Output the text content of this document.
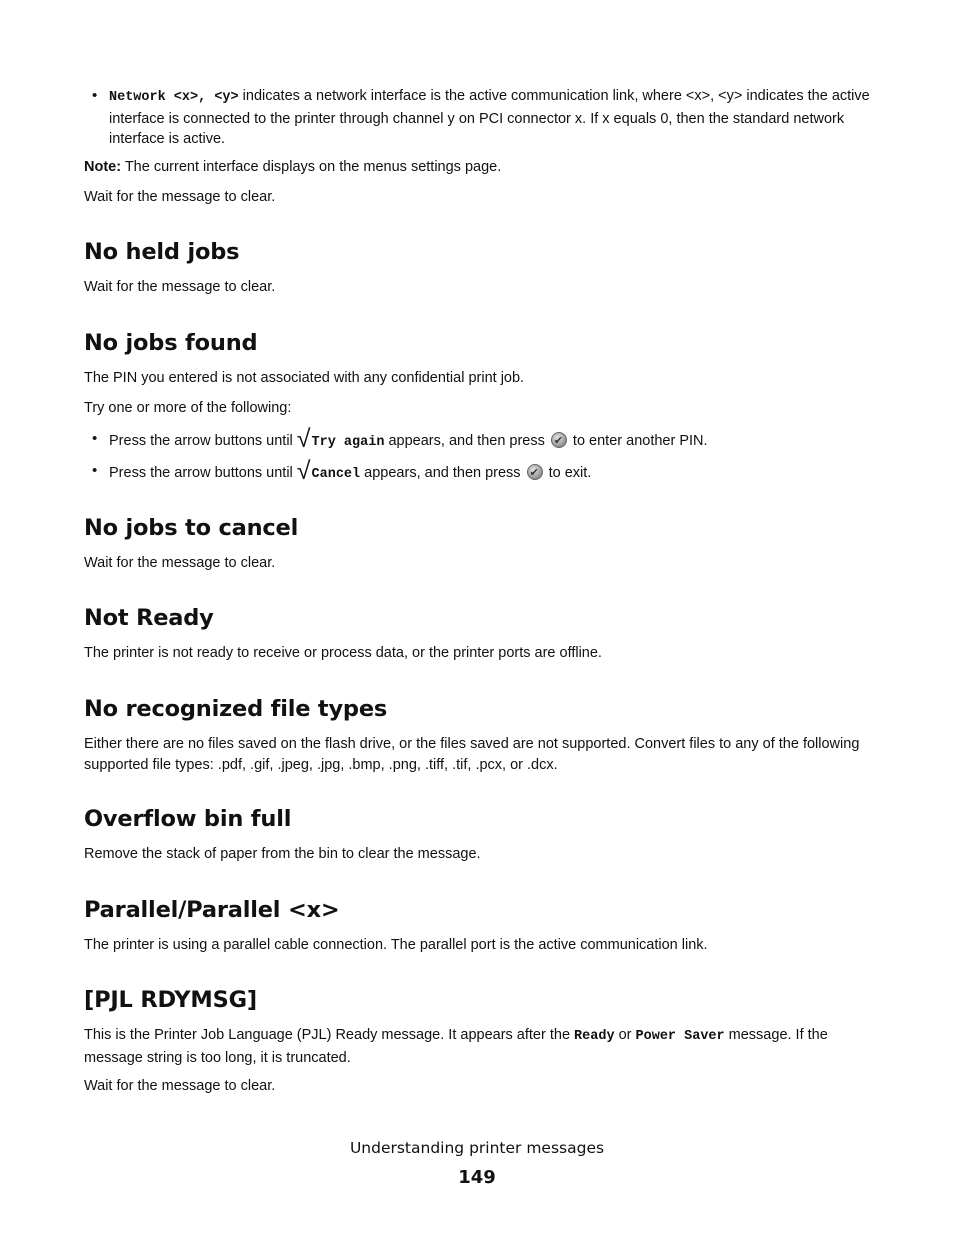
• Network <x>, <y> indicates a network interface is the active communication link, where <x>, <y> indicates the active interface is connected to the printer through channel y on PCI connector x. If x equals 0, then the standard network interface is active.

Note: The current interface displays on the menus settings page.

Wait for the message to clear.

No held jobs

Wait for the message to clear.

No jobs found

The PIN you entered is not associated with any confidential print job.

Try one or more of the following:

• Press the arrow buttons until √Try again appears, and then press ✔ to enter another PIN.

• Press the arrow buttons until √Cancel appears, and then press ✔ to exit.

No jobs to cancel

Wait for the message to clear.

Not Ready

The printer is not ready to receive or process data, or the printer ports are offline.

No recognized file types

Either there are no files saved on the flash drive, or the files saved are not supported. Convert files to any of the following supported file types: .pdf, .gif, .jpeg, .jpg, .bmp, .png, .tiff, .tif, .pcx, or .dcx.

Overflow bin full

Remove the stack of paper from the bin to clear the message.

Parallel/Parallel <x>

The printer is using a parallel cable connection. The parallel port is the active communication link.

[PJL RDYMSG]

This is the Printer Job Language (PJL) Ready message. It appears after the Ready or Power Saver message. If the message string is too long, it is truncated.

Wait for the message to clear.

Understanding printer messages
149
